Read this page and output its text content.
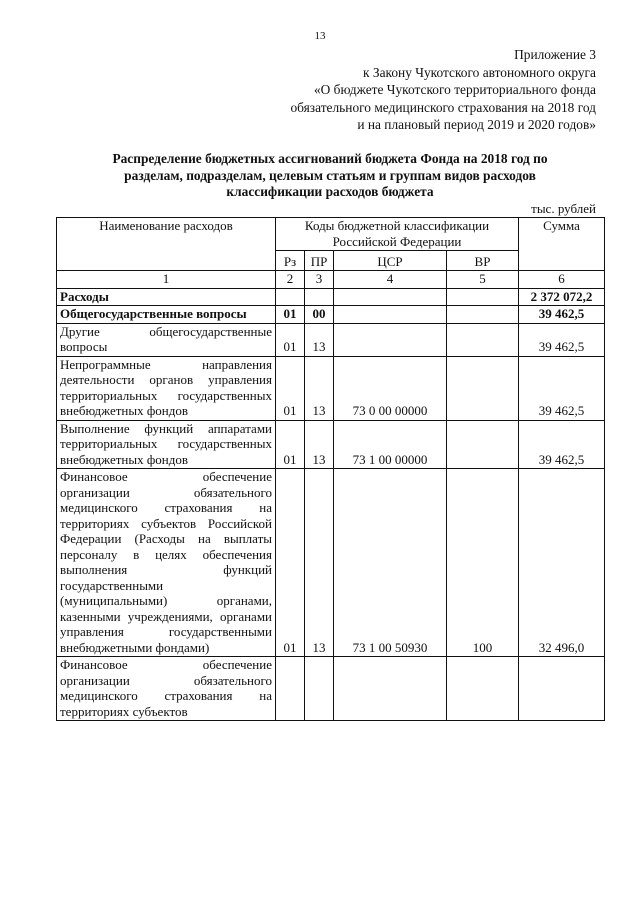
13
Приложение 3
к Закону Чукотского автономного округа
«О бюджете Чукотского территориального фонда
обязательного медицинского страхования на 2018 год
и на плановый период 2019 и 2020 годов»
Распределение бюджетных ассигнований бюджета Фонда на 2018 год по
разделам, подразделам, целевым статьям и группам видов расходов
классификации расходов бюджета
тыс. рублей
Наименование расходов	Коды бюджетной классификации Российской Федерации				Сумма
	Рз	ПР	ЦСР	ВР	
1	2	3	4	5	6
Расходы					2 372 072,2
Общегосударственные вопросы	01	00			39 462,5
Другие общегосударственные вопросы	01	13			39 462,5
Непрограммные направления деятельности органов управления территориальных государственных внебюджетных фондов	01	13	73 0 00 00000		39 462,5
Выполнение функций аппаратами территориальных государственных внебюджетных фондов	01	13	73 1 00 00000		39 462,5
Финансовое обеспечение организации обязательного медицинского страхования на территориях субъектов Российской Федерации (Расходы на выплаты персоналу в целях обеспечения выполнения функций государственными (муниципальными) органами, казенными учреждениями, органами управления государственными внебюджетными фондами)	01	13	73 1 00 50930	100	32 496,0
Финансовое обеспечение организации обязательного медицинского страхования на территориях субъектов					
